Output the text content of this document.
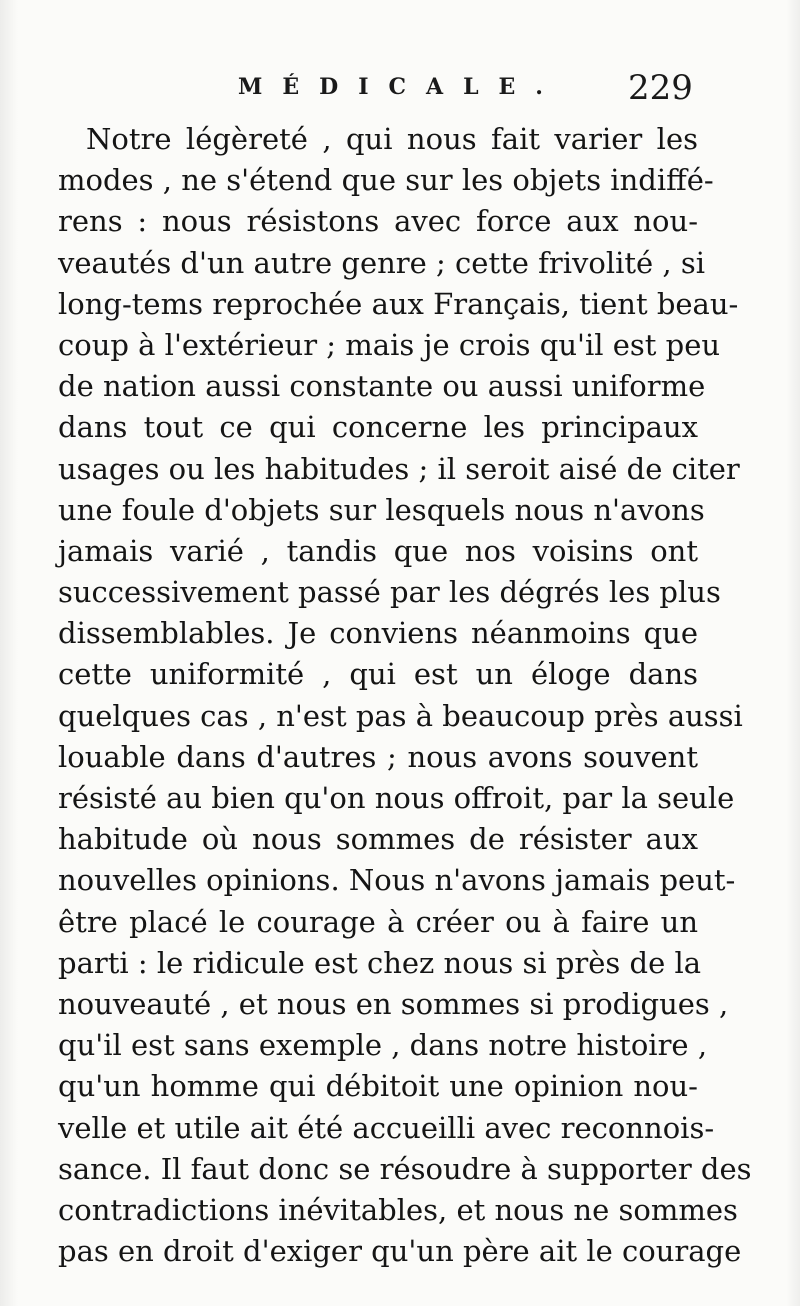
MÉDICALE. 229
Notre légèreté , qui nous fait varier les
modes , ne s'étend que sur les objets indiffé-
rens : nous résistons avec force aux nou-
veautés d'un autre genre ; cette frivolité , si
long-tems reprochée aux Français, tient beau-
coup à l'extérieur ; mais je crois qu'il est peu
de nation aussi constante ou aussi uniforme
dans tout ce qui concerne les principaux
usages ou les habitudes ; il seroit aisé de citer
une foule d'objets sur lesquels nous n'avons
jamais varié , tandis que nos voisins ont
successivement passé par les dégrés les plus
dissemblables. Je conviens néanmoins que
cette uniformité , qui est un éloge dans
quelques cas , n'est pas à beaucoup près aussi
louable dans d'autres ; nous avons souvent
résisté au bien qu'on nous offroit, par la seule
habitude où nous sommes de résister aux
nouvelles opinions. Nous n'avons jamais peut-
être placé le courage à créer ou à faire un
parti : le ridicule est chez nous si près de la
nouveauté , et nous en sommes si prodigues ,
qu'il est sans exemple , dans notre histoire ,
qu'un homme qui débitoit une opinion nou-
velle et utile ait été accueilli avec reconnois-
sance. Il faut donc se résoudre à supporter des
contradictions inévitables, et nous ne sommes
pas en droit d'exiger qu'un père ait le courage
